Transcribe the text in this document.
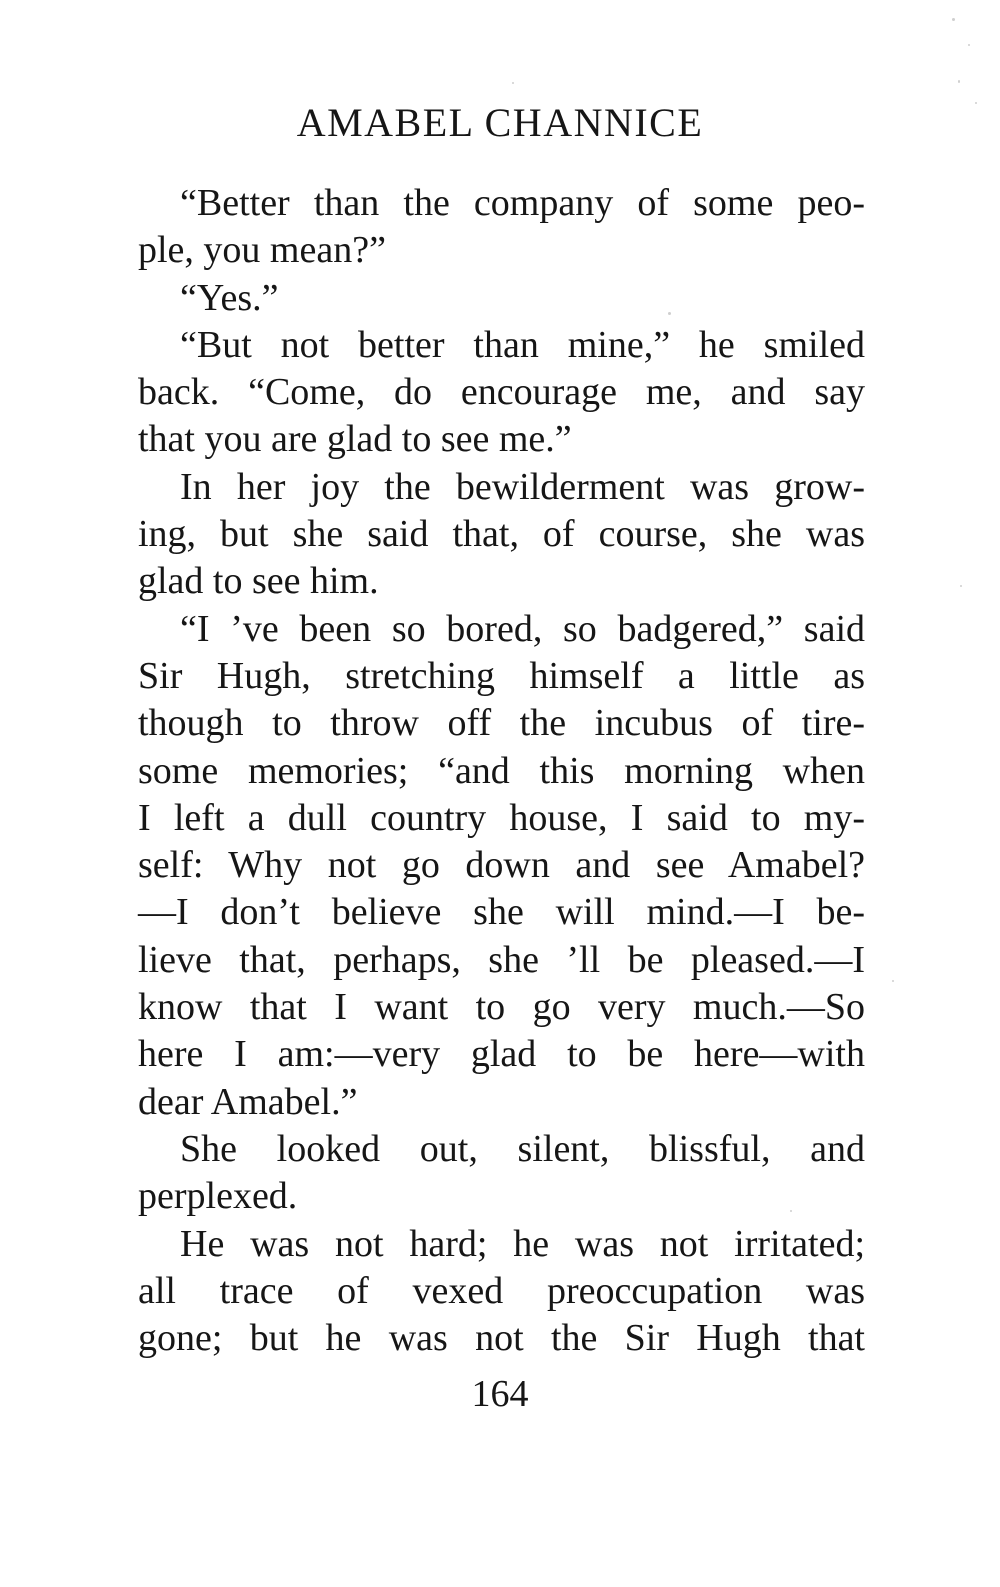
AMABEL CHANNICE
“Better than the company of some peo-
ple, you mean?”
“Yes.”
“But not better than mine,” he smiled
back. “Come, do encourage me, and say
that you are glad to see me.”
In her joy the bewilderment was grow-
ing, but she said that, of course, she was
glad to see him.
“I ’ve been so bored, so badgered,” said
Sir Hugh, stretching himself a little as
though to throw off the incubus of tire-
some memories; “and this morning when
I left a dull country house, I said to my-
self: Why not go down and see Amabel?
—I don’t believe she will mind.—I be-
lieve that, perhaps, she ’ll be pleased.—I
know that I want to go very much.—So
here I am:—very glad to be here—with
dear Amabel.”
She looked out, silent, blissful, and
perplexed.
He was not hard; he was not irritated;
all trace of vexed preoccupation was
gone; but he was not the Sir Hugh that
164
